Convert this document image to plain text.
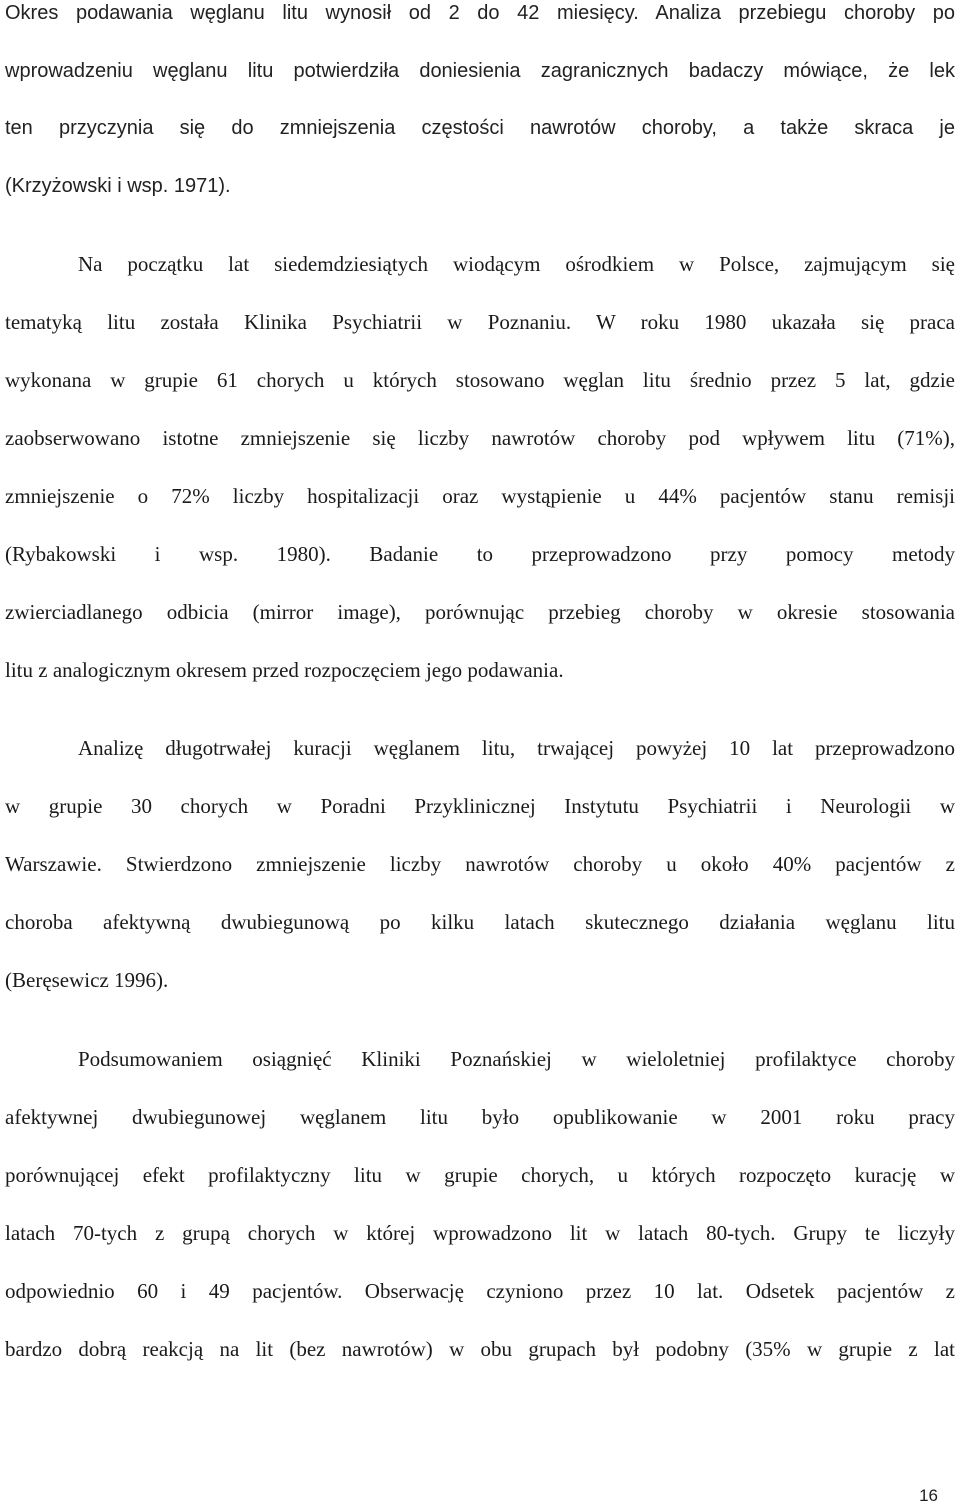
Okres podawania węglanu litu wynosił od 2 do 42 miesięcy. Analiza przebiegu choroby po
wprowadzeniu węglanu litu potwierdziła doniesienia zagranicznych badaczy mówiące, że lek
ten przyczynia się do zmniejszenia częstości nawrotów choroby, a także skraca je
(Krzyżowski i wsp. 1971).
Na początku lat siedemdziesiątych wiodącym ośrodkiem w Polsce, zajmującym się
tematyką litu została Klinika Psychiatrii w Poznaniu. W roku 1980 ukazała się praca
wykonana w grupie 61 chorych u których stosowano węglan litu średnio przez 5 lat, gdzie
zaobserwowano istotne zmniejszenie się liczby nawrotów choroby pod wpływem litu (71%),
zmniejszenie o 72% liczby hospitalizacji oraz wystąpienie u 44% pacjentów stanu remisji
(Rybakowski i wsp. 1980). Badanie to przeprowadzono przy pomocy metody
zwierciadlanego odbicia (mirror image), porównując przebieg choroby w okresie stosowania
litu z analogicznym okresem przed rozpoczęciem jego podawania.
Analizę długotrwałej kuracji węglanem litu, trwającej powyżej 10 lat przeprowadzono
w grupie 30 chorych w Poradni Przyklinicznej Instytutu Psychiatrii i Neurologii w
Warszawie. Stwierdzono zmniejszenie liczby nawrotów choroby u około 40% pacjentów z
choroba afektywną dwubiegunową po kilku latach skutecznego działania węglanu litu
(Beręsewicz 1996).
Podsumowaniem osiągnięć Kliniki Poznańskiej w wieloletniej profilaktyce choroby
afektywnej dwubiegunowej węglanem litu było opublikowanie w 2001 roku pracy
porównującej efekt profilaktyczny litu w grupie chorych, u których rozpoczęto kurację w
latach 70-tych z grupą chorych w której wprowadzono lit w latach 80-tych. Grupy te liczyły
odpowiednio 60 i 49 pacjentów. Obserwację czyniono przez 10 lat. Odsetek pacjentów z
bardzo dobrą reakcją na lit (bez nawrotów) w obu grupach był podobny (35% w grupie z lat
16
